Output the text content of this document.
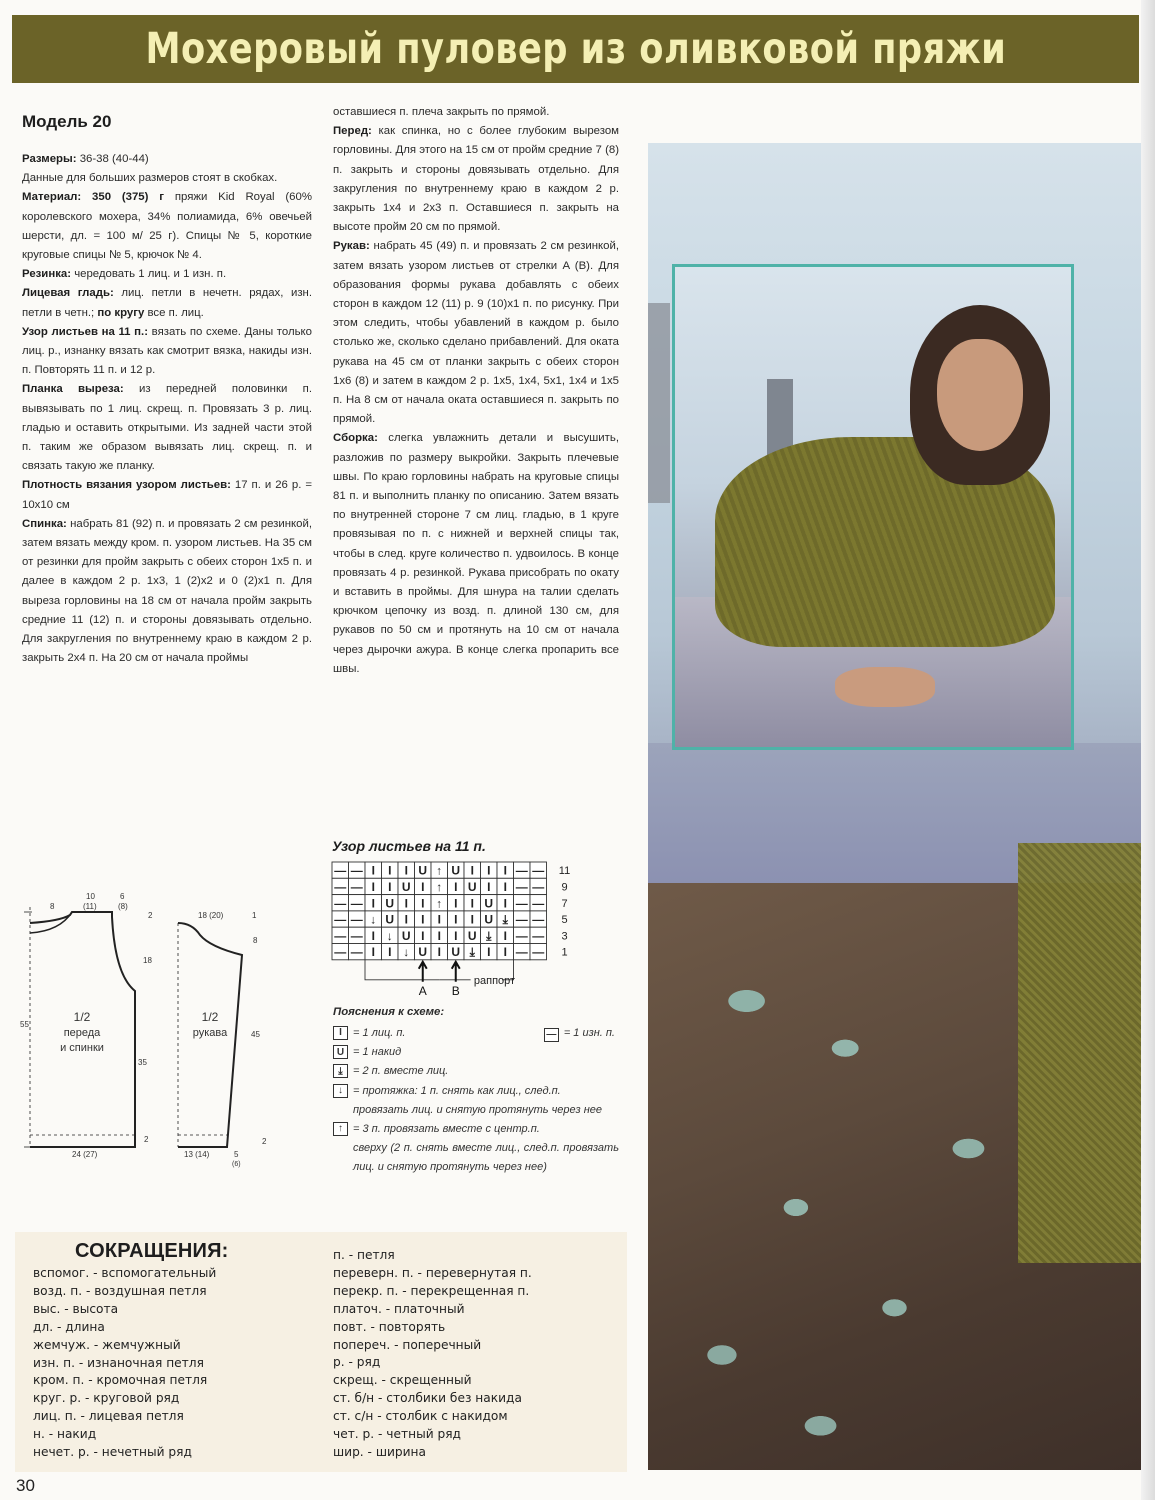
Мохеровый пуловер из оливковой пряжи
Модель 20

Размеры: 36-38 (40-44)

Данные для больших размеров стоят в скобках.

Материал: 350 (375) г пряжи Kid Royal (60% королевского мохера, 34% полиамида, 6% овечьей шерсти, дл. = 100 м/ 25 г). Спицы № 5, короткие круговые спицы № 5, крючок № 4.

Резинка: чередовать 1 лиц. и 1 изн. п.

Лицевая гладь: лиц. петли в нечетн. рядах, изн. петли в четн.; по кругу все п. лиц.

Узор листьев на 11 п.: вязать по схеме. Даны только лиц. р., изнанку вязать как смотрит вязка, накиды изн. п. Повторять 11 п. и 12 р.

Планка выреза: из передней половинки п. вывязывать по 1 лиц. скрещ. п. Провязать 3 р. лиц. гладью и оставить открытыми. Из задней части этой п. таким же образом вывязать лиц. скрещ. п. и связать такую же планку.

Плотность вязания узором листьев: 17 п. и 26 р. = 10x10 см

Спинка: набрать 81 (92) п. и провязать 2 см резинкой, затем вязать между кром. п. узором листьев. На 35 см от резинки для пройм закрыть с обеих сторон 1x5 п. и далее в каждом 2 р. 1x3, 1 (2)x2 и 0 (2)x1 п. Для выреза горловины на 18 см от начала пройм закрыть средние 11 (12) п. и стороны довязывать отдельно. Для закругления по внутреннему краю в каждом 2 р. закрыть 2x4 п. На 20 см от начала проймы

оставшиеся п. плеча закрыть по прямой.

Перед: как спинка, но с более глубоким вырезом горловины. Для этого на 15 см от пройм средние 7 (8) п. закрыть и стороны довязывать отдельно. Для закругления по внутреннему краю в каждом 2 р. закрыть 1x4 и 2x3 п. Оставшиеся п. закрыть на высоте пройм 20 см по прямой.

Рукав: набрать 45 (49) п. и провязать 2 см резинкой, затем вязать узором листьев от стрелки A (B). Для образования формы рукава добавлять с обеих сторон в каждом 12 (11) р. 9 (10)x1 п. по рисунку. При этом следить, чтобы убавлений в каждом р. было столько же, сколько сделано прибавлений. Для оката рукава на 45 см от планки закрыть с обеих сторон 1x6 (8) и затем в каждом 2 р. 1x5, 1x4, 5x1, 1x4 и 1x5 п. На 8 см от начала оката оставшиеся п. закрыть по прямой.

Сборка: слегка увлажнить детали и высушить, разложив по размеру выкройки. Закрыть плечевые швы. По краю горловины набрать на круговые спицы 81 п. и выполнить планку по описанию. Затем вязать по внутренней стороне 7 см лиц. гладью, в 1 круге провязывая по п. с нижней и верхней спицы так, чтобы в след. круге количество п. удвоилось. В конце провязать 4 р. резинкой. Рукава присобрать по окату и вставить в проймы. Для шнура на талии сделать крючком цепочку из возд. п. длиной 130 см, для рукавов по 50 см и протянуть на 10 см от начала через дырочки ажура. В конце слегка пропарить все швы.

8
10
(11)
6
(8)
2
18
55
35
2
24 (27)
1/2
переда
и спинки
18 (20)	1
8
45
2
13 (14)	5
(6)
1/2
рукава
Узор листьев на 11 п.
— — I I I U ↑ U I I I — — 11
— — I I U I ↑ I U I I — — 9
— — I U I I ↑ I I U I — — 7
— — ↓ U I I I I I U ⤓ — — 5
— — I ↓ U I I I U ⤓ I — — 3
— — I I ↓ U I U ⤓ I I — — 1
раппорт
A B
Пояснения к схеме:
— = 1 изн. п.
I	= 1 лиц. п.
U = 1 накид
⤓ = 2 п. вместе лиц.
↓ = протяжка: 1 п. снять как лиц., след.п.
провязать лиц. и снятую протянуть через нее
↑ = 3 п. провязать вместе с центр.п.
сверху (2 п. снять вместе лиц., след.п. провязать лиц. и снятую протянуть через нее)
СОКРАЩЕНИЯ:
вспомог. - вспомогательный
возд. п. - воздушная петля
выс. - высота
дл. - длина
жемчуж. - жемчужный
изн. п. - изнаночная петля
кром. п. - кромочная петля
круг. р. - круговой ряд
лиц. п. - лицевая петля
н. - накид
нечет. р. - нечетный ряд
п. - петля
переверн. п. - перевернутая п.
перекр. п. - перекрещенная п.
платоч. - платочный
повт. - повторять
попереч. - поперечный
р. - ряд
скрещ. - скрещенный
ст. б/н - столбики без накида
ст. с/н - столбик с накидом
чет. р. - четный ряд
шир. - ширина
30
